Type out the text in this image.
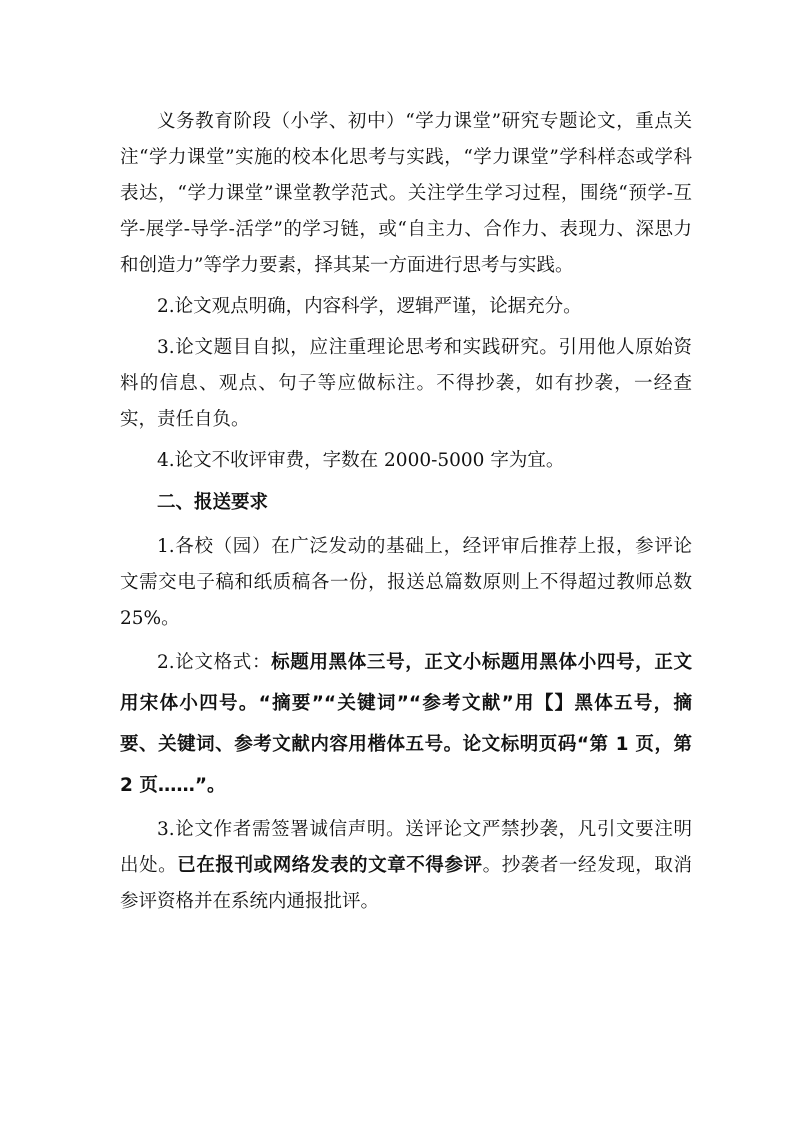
义务教育阶段（小学、初中）“学力课堂”研究专题论文，重点关注“学力课堂”实施的校本化思考与实践，“学力课堂”学科样态或学科表达，“学力课堂”课堂教学范式。关注学生学习过程，围绕“预学-互学-展学-导学-活学”的学习链，或“自主力、合作力、表现力、深思力和创造力”等学力要素，择其某一方面进行思考与实践。

2.论文观点明确，内容科学，逻辑严谨，论据充分。

3.论文题目自拟，应注重理论思考和实践研究。引用他人原始资料的信息、观点、句子等应做标注。不得抄袭，如有抄袭，一经查实，责任自负。

4.论文不收评审费，字数在 2000-5000 字为宜。

二、报送要求

1.各校（园）在广泛发动的基础上，经评审后推荐上报，参评论文需交电子稿和纸质稿各一份，报送总篇数原则上不得超过教师总数 25%。

2.论文格式：标题用黑体三号，正文小标题用黑体小四号，正文用宋体小四号。“摘要”“关键词”“参考文献”用【】黑体五号，摘要、关键词、参考文献内容用楷体五号。论文标明页码“第 1 页，第 2 页……”。

3.论文作者需签署诚信声明。送评论文严禁抄袭，凡引文要注明出处。已在报刊或网络发表的文章不得参评。抄袭者一经发现，取消参评资格并在系统内通报批评。
